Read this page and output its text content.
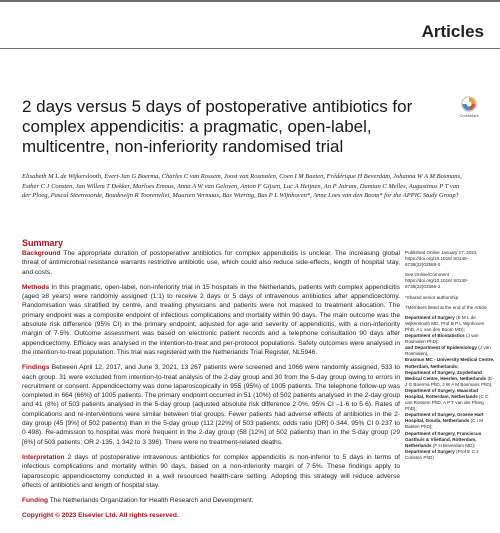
Articles
CrossMark
2 days versus 5 days of postoperative antibiotics for complex appendicitis: a pragmatic, open-label, multicentre, non-inferiority randomised trial
Elisabeth M L de Wijkerslooth, Evert-Jan G Boerma, Charles C van Rossem, Joost van Rosmalen, Coen I M Baeten, Frédérique H Beverdam, Johanna W A M Bosmans, Esther C J Consten, Jan Willem T Dekker, Marloes Emous, Anna A W van Geloven, Anton F Gijsen, Luc A Heijnen, An P Jairam, Damian C Melles, Augustinus P T van der Ploeg, Pascal Steenvoorde, Boudewijn R Toorenvliet, Maarten Vermaas, Bas Wiering, Bas P L Wijnhoven*, Anne Loes van den Boom* for the APPIC Study Group†
Summary

Background The appropriate duration of postoperative antibiotics for complex appendicitis is unclear. The increasing global threat of antimicrobial resistance warrants restrictive antibiotic use, which could also reduce side-effects, length of hospital stay, and costs.

Methods In this pragmatic, open-label, non-inferiority trial in 15 hospitals in the Netherlands, patients with complex appendicitis (aged ≥8 years) were randomly assigned (1:1) to receive 2 days or 5 days of intravenous antibiotics after appendicectomy. Randomisation was stratified by centre, and treating physicians and patients were not masked to treatment allocation. The primary endpoint was a composite endpoint of infectious complications and mortality within 90 days. The main outcome was the absolute risk difference (95% CI) in the primary endpoint, adjusted for age and severity of appendicitis, with a non-inferiority margin of 7·5%. Outcome assessment was based on electronic patient records and a telephone consultation 90 days after appendicectomy. Efficacy was analysed in the intention-to-treat and per-protocol populations. Safety outcomes were analysed in the intention-to-treat population. This trial was registered with the Netherlands Trial Register, NL5946.

Findings Between April 12, 2017, and June 3, 2021, 13 267 patients were screened and 1066 were randomly assigned, 533 to each group. 31 were excluded from intention-to-treat analysis of the 2-day group and 30 from the 5-day group owing to errors in recruitment or consent. Appendicectomy was done laparoscopically in 955 (95%) of 1005 patients. The telephone follow-up was completed in 664 (66%) of 1005 patients. The primary endpoint occurred in 51 (10%) of 502 patients analysed in the 2-day group and 41 (8%) of 503 patients analysed in the 5-day group (adjusted absolute risk difference 2·0%, 95% CI –1·6 to 5·6). Rates of complications and re-interventions were similar between trial groups. Fewer patients had adverse effects of antibiotics in the 2-day group (45 [9%] of 502 patients) than in the 5-day group (112 [22%] of 503 patients; odds ratio [OR] 0·344, 95% CI 0·237 to 0·498). Re-admission to hospital was more frequent in the 2-day group (58 [12%] of 502 patients) than in the 5-day group (29 [6%] of 503 patients; OR 2·135, 1·342 to 3·396). There were no treatment-related deaths.

Interpretation 2 days of postoperative intravenous antibiotics for complex appendicitis is non-inferior to 5 days in terms of infectious complications and mortality within 90 days, based on a non-inferiority margin of 7·5%. These findings apply to laparoscopic appendicectomy conducted in a well resourced health-care setting. Adopting this strategy will reduce adverse effects of antibiotics and length of hospital stay.

Funding The Netherlands Organization for Health Research and Development.

Copyright © 2023 Elsevier Ltd. All rights reserved.

Published Online January 17, 2023 https://doi.org/10.1016/ S0140-6736(22)02588-0
See Online/Comment https://doi.org/10.1016/ S0140-6736(22)02566-2
*Shared senior authorship
†Members listed at the end of the Article
Department of Surgery (E M L de Wijkerslooth MD, Prof B P L Wijnhoven PhD, A L van den Boom MD);
Department of Biostatistics (J van Rosmalen PhD);
and Department of Epidemiology (J van Rosmalen),
Erasmus MC - University Medical Centre, Rotterdam, Netherlands;
Department of Surgery, Zuyderland Medical Centre, Heerlen, Netherlands (E-J G Boerma PhD, J W A M Bosmans PhD);
Department of Surgery, Maasstad Hospital, Rotterdam, Netherlands (C C van Rossem PhD, A P T van der Ploeg PhD);
Department of Surgery, Groene Hart Hospital, Gouda, Netherlands (C I M Baeten PhD);
Department of Surgery, Franciscus Gasthuis & Vlietland, Rotterdam, Netherlands (F H Beverdam MD);
Department of Surgery (Prof E C J Consten PhD)
